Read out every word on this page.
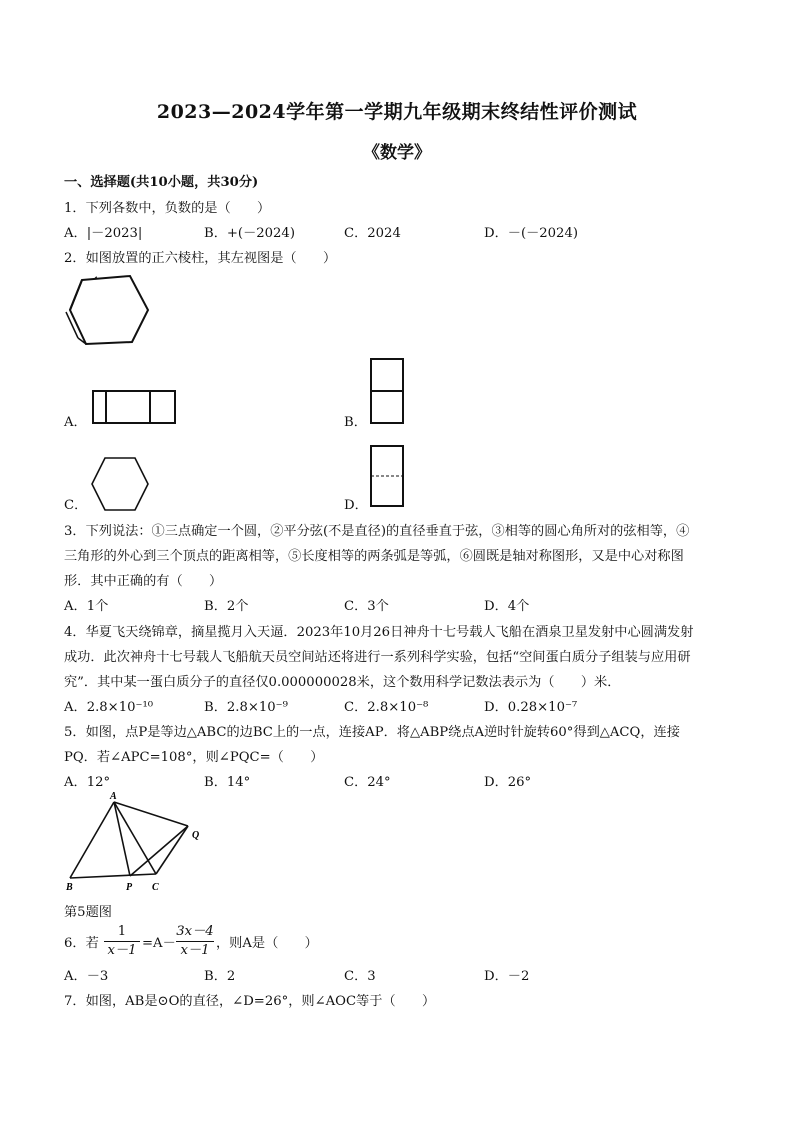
2023—2024学年第一学期九年级期末终结性评价测试
《数学》
一、选择题(共10小题，共30分)
1．下列各数中，负数的是（　　）
A．|－2023|	B．+(－2024)	C．2024	D．－(－2024)
2．如图放置的正六棱柱，其左视图是（　　）
A．	B．
C．	D．
3．下列说法：①三点确定一个圆，②平分弦(不是直径)的直径垂直于弦，③相等的圆心角所对的弦相等，④
三角形的外心到三个顶点的距离相等，⑤长度相等的两条弧是等弧，⑥圆既是轴对称图形，又是中心对称图
形．其中正确的有（　　）
A．1个	B．2个	C．3个	D．4个
4．华夏飞天绕锦章，摘星揽月入天逼．2023年10月26日神舟十七号载人飞船在酒泉卫星发射中心圆满发射
成功．此次神舟十七号载人飞船航天员空间站还将进行一系列科学实验，包括“空间蛋白质分子组装与应用研
究”．其中某一蛋白质分子的直径仅0.000000028米，这个数用科学记数法表示为（　　）米．
A．2.8×10⁻¹⁰	B．2.8×10⁻⁹	C．2.8×10⁻⁸	D．0.28×10⁻⁷
5．如图，点P是等边△ABC的边BC上的一点，连接AP．将△ABP绕点A逆时针旋转60°得到△ACQ，连接
PQ．若∠APC=108°，则∠PQC=（　　）
A．12°	B．14°	C．24°	D．26°
A
B	P C
Q
第5题图
6．若
1
x－1 =A－
3x－4
x－1 ，则A是（　　）
A．－3	B．2	C．3	D．－2
7．如图，AB是⊙O的直径，∠D=26°，则∠AOC等于（　　）
